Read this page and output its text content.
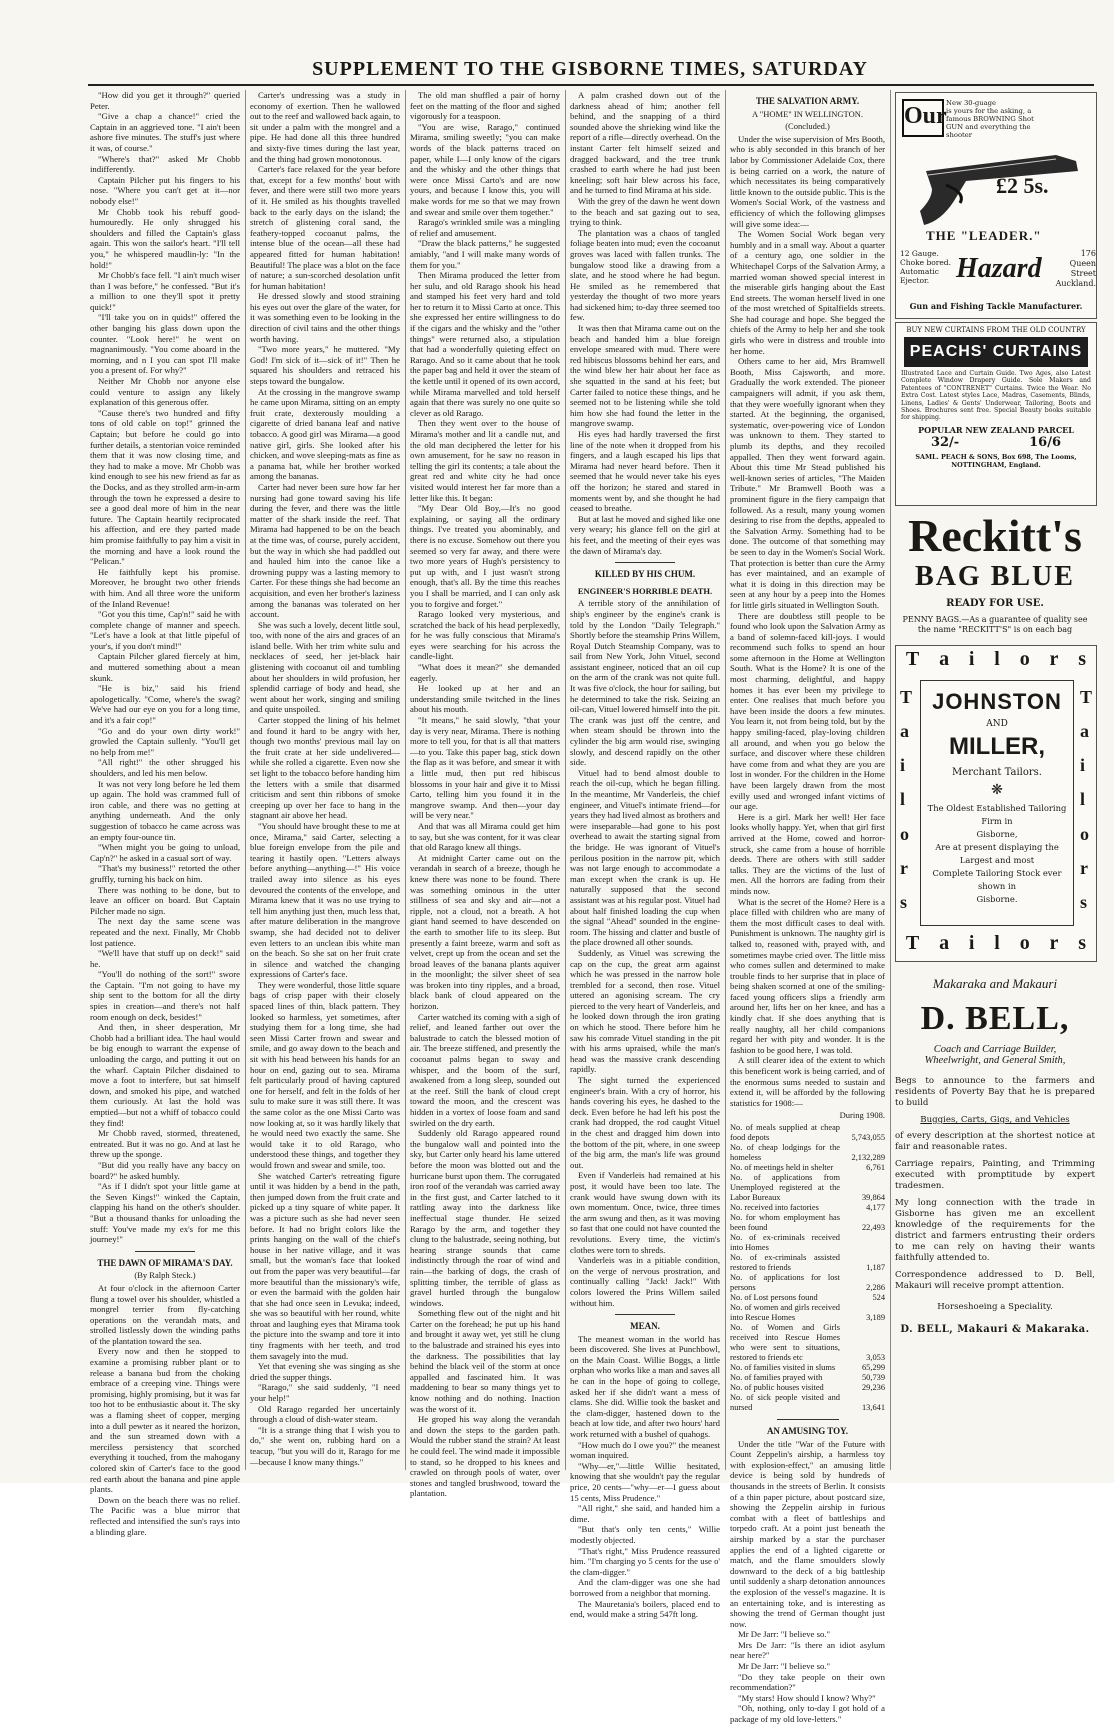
SUPPLEMENT TO THE GISBORNE TIMES, SATURDAY

"How did you get it through?" queried Peter.

"Give a chap a chance!" cried the Captain in an aggrieved tone. "I ain't been ashore five minutes. The stuff's just where it was, of course."

"Where's that?" asked Mr Chobb indifferently.

Captain Pilcher put his fingers to his nose. "Where you can't get at it—nor nobody else!"

Mr Chobb took his rebuff good-humouredly. He only shrugged his shoulders and filled the Captain's glass again. This won the sailor's heart. "I'll tell you," he whispered maudlin-ly: "In the hold!"

Mr Chobb's face fell. "I ain't much wiser than I was before," he confessed. "But it's a million to one they'll spot it pretty quick!"

"I'll take you on in quids!" offered the other banging his glass down upon the counter. "Look here!" he went on magnanimously. "You come aboard in the morning, and n I you can spot I'll make you a present of. For why?"

Neither Mr Chobb nor anyone else could venture to assign any likely explanation of this generous offer.

"Cause there's two hundred and fifty tons of old cable on top!" grinned the Captain; but before he could go into further details, a stentorian voice reminded them that it was now closing time, and they had to make a move. Mr Chobb was kind enough to see his new friend as far as the Docks, and as they strolled arm-in-arm through the town he expressed a desire to see a good deal more of him in the near future. The Captain heartily reciprocated his affection, and ere they parted made him promise faithfully to pay him a visit in the morning and have a look round the "Pelican."

He faithfully kept his promise. Moreover, he brought two other friends with him. And all three wore the uniform of the Inland Revenue!

"Got you this time, Cap'n!" said he with complete change of manner and speech. "Let's have a look at that little pipeful of your's, if you don't mind!"

Captain Pilcher glared fiercely at him, and muttered something about a mean skunk.

"He is biz," said his friend apologetically. "Come, where's the swag? We've had our eye on you for a long time, and it's a fair cop!"

"Go and do your own dirty work!" growled the Captain sullenly. "You'll get no help from me!"

"All right!" the other shrugged his shoulders, and led his men below.

It was not very long before he led them up again. The hold was crammed full of iron cable, and there was no getting at anything underneath. And the only suggestion of tobacco he came across was an empty four-ounce tin.

"When might you be going to unload, Cap'n?" he asked in a casual sort of way.

"That's my business!" retorted the other gruffly, turning his back on him.

There was nothing to be done, but to leave an officer on board. But Captain Pilcher made no sign.

The next day the same scene was repeated and the next. Finally, Mr Chobb lost patience.

"We'll have that stuff up on deck!" said he.

"You'll do nothing of the sort!" swore the Captain. "I'm not going to have my ship sent to the bottom for all the dirty spies in creation—and there's not half room enough on deck, besides!"

And then, in sheer desperation, Mr Chobb had a brilliant idea. The haul would be big enough to warrant the expense of unloading the cargo, and putting it out on the wharf. Captain Pilcher disdained to move a foot to interfere, but sat himself down, and smoked his pipe, and watched them curiously. At last the hold was emptied—but not a whiff of tobacco could they find!

Mr Chobb raved, stormed, threatened, entreated. But it was no go. And at last he threw up the sponge.

"But did you really have any baccy on board?" he asked humbly.

"As if I didn't spot your little game at the Seven Kings!" winked the Captain, clapping his hand on the other's shoulder. "But a thousand thanks for unloading the stuff: You've made my ex's for me this journey!"

THE DAWN OF MIRAMA'S DAY.
(By Ralph Steck.)

At four o'clock in the afternoon Carter flung a towel over his shoulder, whistled a mongrel terrier from fly-catching operations on the verandah mats, and strolled listlessly down the winding paths of the plantation toward the sea.

Every now and then he stopped to examine a promising rubber plant or to release a banana bud from the choking embrace of a creeping vine. Things were promising, highly promising, but it was far too hot to be enthusiastic about it. The sky was a flaming sheet of copper, merging into a dull pewter as it neared the horizon, and the sun streamed down with a merciless persistency that scorched everything it touched, from the mahogany colored skin of Carter's face to the good red earth about the banana and pine apple plants.

Down on the beach there was no relief. The Pacific was a blue mirror that reflected and intensified the sun's rays into a blinding glare.

Carter's undressing was a study in economy of exertion. Then he wallowed out to the reef and wallowed back again, to sit under a palm with the mongrel and a pipe. He had done all this three hundred and sixty-five times during the last year, and the thing had grown monotonous.

Carter's face relaxed for the year before that, except for a few months' bout with fever, and there were still two more years of it. He smiled as his thoughts travelled back to the early days on the island; the stretch of glistening coral sand, the feathery-topped cocoanut palms, the intense blue of the ocean—all these had appeared fitted for human habitation! Beautiful! The place was a blot on the face of nature; a sun-scorched desolation unfit for human habitation!

He dressed slowly and stood straining his eyes out over the glare of the water, for it was something even to be looking in the direction of civil tains and the other things worth having.

"Two more years," he muttered. "My God! I'm sick of it—sick of it!" Then he squared his shoulders and retraced his steps toward the bungalow.

At the crossing in the mangrove swamp he came upon Mirama, sitting on an empty fruit crate, dexterously moulding a cigarette of dried banana leaf and native tobacco. A good girl was Mirama—a good native girl, girls. She looked after his chicken, and wove sleeping-mats as fine as a panama hat, while her brother worked among the bananas.

Carter had never been sure how far her nursing had gone toward saving his life during the fever, and there was the little matter of the shark inside the reef. That Mirama had happened to be on the beach at the time was, of course, purely accident, but the way in which she had paddled out and hauled him into the canoe like a drowning puppy was a lasting memory to Carter. For these things she had become an acquisition, and even her brother's laziness among the bananas was tolerated on her account.

She was such a lovely, decent little soul, too, with none of the airs and graces of an island belle. With her trim white sulu and necklaces of seed, her jet-black hair glistening with cocoanut oil and tumbling about her shoulders in wild profusion, her splendid carriage of body and head, she went about her work, singing and smiling and quite unspoiled.

Carter stopped the lining of his helmet and found it hard to be angry with her, though two months' previous mail lay on the fruit crate at her side undelivered—while she rolled a cigarette. Even now she set light to the tobacco before handing him the letters with a smile that disarmed criticism and sent thin ribbons of smoke creeping up over her face to hang in the stagnant air above her head.

"You should have brought these to me at once, Mirama," said Carter, selecting a blue foreign envelope from the pile and tearing it hastily open. "Letters always before anything—anything—!" His voice trailed away into silence as his eyes devoured the contents of the envelope, and Mirama knew that it was no use trying to tell him anything just then, much less that, after mature deliberation in the mangrove swamp, she had decided not to deliver even letters to an unclean ibis white man on the beach. So she sat on her fruit crate in silence and watched the changing expressions of Carter's face.

They were wonderful, those little square bags of crisp paper with their closely spaced lines of thin, black pattern. They looked so harmless, yet sometimes, after studying them for a long time, she had seen Missi Carter frown and swear and smile, and go away down to the beach and sit with his head between his hands for an hour on end, gazing out to sea. Mirama felt particularly proud of having captured one for herself, and felt in the folds of her sulu to make sure it was still there. It was the same color as the one Missi Carto was now looking at, so it was hardly likely that he would need two exactly the same. She would take it to old Rarago, who understood these things, and together they would frown and swear and smile, too.

She watched Carter's retreating figure until it was hidden by a bend in the path, then jumped down from the fruit crate and picked up a tiny square of white paper. It was a picture such as she had never seen before. It had no bright colors like the prints hanging on the wall of the chief's house in her native village, and it was small, but the woman's face that looked out from the paper was very beautiful—far more beautiful than the missionary's wife, or even the barmaid with the golden hair that she had once seen in Levuka; indeed, she was so beautiful with her round, white throat and laughing eyes that Mirama took the picture into the swamp and tore it into tiny fragments with her teeth, and trod them savagely into the mud.

Yet that evening she was singing as she dried the supper things.

"Rarago," she said suddenly, "I need your help!"

Old Rarago regarded her uncertainly through a cloud of dish-water steam.

"It is a strange thing that I wish you to do," she went on, rubbing hard on a teacup, "but you will do it, Rarago for me—because I know many things."

The old man shuffled a pair of horny feet on the matting of the floor and sighed vigorously for a teaspoon.

"You are wise, Rarago," continued Mirama, smiling sweetly; "you can make words of the black patterns traced on paper, while I—I only know of the cigars and the whisky and the other things that were once Missi Carto's and are now yours, and because I know this, you will make words for me so that we may frown and swear and smile over them together."

Rarago's wrinkled smile was a mingling of relief and amusement.

"Draw the black patterns," he suggested amiably, "and I will make many words of them for you."

Then Mirama produced the letter from her sulu, and old Rarago shook his head and stamped his feet very hard and told her to return it to Missi Carto at once. This she expressed her entire willingness to do if the cigars and the whisky and the "other things" were returned also, a stipulation that had a wonderfully quieting effect on Rarago. And so it came about that he took the paper bag and held it over the steam of the kettle until it opened of its own accord, while Mirama marvelled and told herself again that there was surely no one quite so clever as old Rarago.

Then they went over to the house of Mirama's mother and lit a candle nut, and the old man deciphered the letter for his own amusement, for he saw no reason in telling the girl its contents; a tale about the great red and white city he had once visited would interest her far more than a letter like this. It began:

"My Dear Old Boy,—It's no good explaining, or saying all the ordinary things. I've treated you abominably, and there is no excuse. Somehow out there you seemed so very far away, and there were two more years of Hugh's persistency to put up with, and I just wasn't strong enough, that's all. By the time this reaches you I shall be married, and I can only ask you to forgive and forget."

Rarago looked very mysterious, and scratched the back of his head perplexedly, for he was fully conscious that Mirama's eyes were searching for his across the candle-light.

"What does it mean?" she demanded eagerly.

He looked up at her and an understanding smile twitched in the lines about his mouth.

"It means," he said slowly, "that your day is very near, Mirama. There is nothing more to tell you, for that is all that matters—to you. Take this paper bag, stick down the flap as it was before, and smear it with a little mud, then put red hibiscus blossoms in your hair and give it to Missi Carto, telling him you found it in the mangrove swamp. And then—your day will be very near."

And that was all Mirama could get him to say, but she was content, for it was clear that old Rarago knew all things.

At midnight Carter came out on the verandah in search of a breeze, though he knew there was none to be found. There was something ominous in the utter stillness of sea and sky and air—not a ripple, not a cloud, not a breath. A hot giant hand seemed to have descended on the earth to smother life to its sleep. But presently a faint breeze, warm and soft as velvet, crept up from the ocean and set the broad leaves of the banana plants aquiver in the moonlight; the silver sheet of sea was broken into tiny ripples, and a broad, black bank of cloud appeared on the horizon.

Carter watched its coming with a sigh of relief, and leaned farther out over the balustrade to catch the blessed motion of air. The breeze stiffened, and presently the cocoanut palms began to sway and whisper, and the boom of the surf, awakened from a long sleep, sounded out at the reef. Still the bank of cloud crept toward the moon, and the crescent was hidden in a vortex of loose foam and sand swirled on the dry earth.

Suddenly old Rarago appeared round the bungalow wall and pointed into the sky, but Carter only heard his lame uttered before the moon was blotted out and the hurricane burst upon them. The corrugated iron roof of the verandah was carried away in the first gust, and Carter latched to it rattling away into the darkness like ineffectual stage thunder. He seized Rarago by the arm, and together they clung to the balustrade, seeing nothing, but hearing strange sounds that came indistinctly through the roar of wind and rain—the barking of dogs, the crash of splitting timber, the terrible of glass as gravel hurtled through the bungalow windows.

Something flew out of the night and hit Carter on the forehead; he put up his hand and brought it away wet, yet still he clung to the balustrade and strained his eyes into the darkness. The possibilities that lay behind the black veil of the storm at once appalled and fascinated him. It was maddening to bear so many things yet to know nothing and do nothing. Inaction was the worst of it.

He groped his way along the verandah and down the steps to the garden path. Would the rubber stand the strain? At least he could feel. The wind made it impossible to stand, so he dropped to his knees and crawled on through pools of water, over stones and tangled brushwood, toward the plantation.

A palm crashed down out of the darkness ahead of him; another fell behind, and the snapping of a third sounded above the shrieking wind like the report of a rifle—directly overhead. On the instant Carter felt himself seized and dragged backward, and the tree trunk crashed to earth where he had just been kneeling; soft hair blew across his face, and he turned to find Mirama at his side.

With the grey of the dawn he went down to the beach and sat gazing out to sea, trying to think.

The plantation was a chaos of tangled foliage beaten into mud; even the cocoanut groves was laced with fallen trunks. The bungalow stood like a drawing from a slate, and he stood where he had begun. He smiled as he remembered that yesterday the thought of two more years had sickened him; to-day three seemed too few.

It was then that Mirama came out on the beach and handed him a blue foreign envelope smeared with mud. There were red hibiscus blossoms behind her ears, and the wind blew her hair about her face as she squatted in the sand at his feet; but Carter failed to notice these things, and he seemed not to be listening while she told him how she had found the letter in the mangrove swamp.

His eyes had hardly traversed the first line of the note when it dropped from his fingers, and a laugh escaped his lips that Mirama had never heard before. Then it seemed that he would never take his eyes off the horizon; he stared and stared in moments went by, and she thought he had ceased to breathe.

But at last he moved and sighed like one very weary; his glance fell on the girl at his feet, and the meeting of their eyes was the dawn of Mirama's day.

KILLED BY HIS CHUM.
ENGINEER'S HORRIBLE DEATH.

A terrible story of the annihilation of ship's engineer by the engine's crank is told by the London "Daily Telegraph." Shortly before the steamship Prins Willem, Royal Dutch Steamship Company, was to sail from New York, John Vituel, second assistant engineer, noticed that an oil cup on the arm of the crank was not quite full. It was five o'clock, the hour for sailing, but he determined to take the risk. Seizing an oil-can, Vituel lowered himself into the pit. The crank was just off the centre, and when steam should be thrown into the cylinder the big arm would rise, swinging slowly, and descend rapidly on the other side.

Vituel had to bend almost double to reach the oil-cup, which he began filling. In the meantime, Mr Vanderleis, the chief engineer, and Vituel's intimate friend—for years they had lived almost as brothers and were inseparable—had gone to his post overhead to await the starting signal from the bridge. He was ignorant of Vituel's perilous position in the narrow pit, which was not large enough to accommodate a man except when the crank is up. He naturally supposed that the second assistant was at his regular post. Vituel had about half finished loading the cup when the signal "Ahead" sounded in the engine-room. The hissing and clatter and bustle of the place drowned all other sounds.

Suddenly, as Vituel was screwing the cap on the cup, the great arm against which he was pressed in the narrow hole trembled for a second, then rose. Vituel uttered an agonising scream. The cry pierced to the very heart of Vanderleis, and he looked down through the iron grating on which he stood. There before him he saw his comrade Vituel standing in the pit with his arms upraised, while the man's head was the massive crank descending rapidly.

The sight turned the experienced engineer's brain. With a cry of horror, his hands covering his eyes, he dashed to the deck. Even before he had left his post the crank had dropped, the rod caught Vituel in the chest and dragged him down into the bottom of the pit, where, in one sweep of the big arm, the man's life was ground out.

Even if Vanderleis had remained at his post, it would have been too late. The crank would have swung down with its own momentum. Once, twice, three times the arm swung and then, as it was moving so fast that one could not have counted the revolutions. Every time, the victim's clothes were torn to shreds.

Vanderleis was in a pitiable condition, on the verge of nervous prostration, and continually calling "Jack! Jack!" With colors lowered the Prins Willem sailed without him.

MEAN.

The meanest woman in the world has been discovered. She lives at Punchbowl, on the Main Coast. Willie Boggs, a little orphan who works like a man and saves all he can in the hope of going to college, asked her if she didn't want a mess of clams. She did. Willie took the basket and the clam-digger, hastened down to the beach at low tide, and after two hours' hard work returned with a bushel of quahogs.

"How much do I owe you?" the meanest woman inquired.

"Why—er,"—little Willie hesitated, knowing that she wouldn't pay the regular price, 20 cents—"why—er—I guess about 15 cents, Miss Prudence."

"All right," she said, and handed him a dime.

"But that's only ten cents," Willie modestly objected.

"That's right," Miss Prudence reassured him. "I'm charging yo 5 cents for the use o' the clam-digger."

And the clam-digger was one she had borrowed from a neighbor that morning.

The Mauretania's boilers, placed end to end, would make a string 547ft long.

THE SALVATION ARMY.
A "HOME" IN WELLINGTON.
(Concluded.)

Under the wise supervision of Mrs Booth, who is ably seconded in this branch of her labor by Commissioner Adelaide Cox, there is being carried on a work, the nature of which necessitates its being comparatively little known to the outside public. This is the Women's Social Work, of the vastness and efficiency of which the following glimpses will give some idea:—

The Women Social Work began very humbly and in a small way. About a quarter of a century ago, one soldier in the Whitechapel Corps of the Salvation Army, a married woman showed special interest in the miserable girls hanging about the East End streets. The woman herself lived in one of the most wretched of Spitalfields streets. She had courage and hope. She begged the chiefs of the Army to help her and she took girls who were in distress and trouble into her home.

Others came to her aid, Mrs Bramwell Booth, Miss Cajsworth, and more. Gradually the work extended. The pioneer campaigners will admit, if you ask them, that they were woefully ignorant when they started. At the beginning, the organised, systematic, over-powering vice of London was unknown to them. They started to plumb its depths, and they recoiled appalled. Then they went forward again. About this time Mr Stead published his well-known series of articles, "The Maiden Tribute." Mr Bramwell Booth was a prominent figure in the fiery campaign that followed. As a result, many young women desiring to rise from the depths, appealed to the Salvation Army. Something had to be done. The outcome of that something may be seen to day in the Women's Social Work. That protection is better than cure the Army has ever maintained, and an example of what it is doing in this direction may be seen at any hour by a peep into the Homes for little girls situated in Wellington South.

There are doubtless still people to be found who look upon the Salvation Army as a band of solemn-faced kill-joys. I would recommend such folks to spend an hour some afternoon in the Home at Wellington South. What is the Home? It is one of the most charming, delightful, and happy homes it has ever been my privilege to enter. One realises that much before you have been inside the doors a few minutes. You learn it, not from being told, but by the happy smiling-faced, play-loving children all around, and when you go below the surface, and discover where these children have come from and what they are you are lost in wonder. For the children in the Home have been largely drawn from the most evilly used and wronged infant victims of our age.

Here is a girl. Mark her well! Her face looks wholly happy. Yet, when that girl first arrived at the Home, cowed and horror-struck, she came from a house of horrible deeds. There are others with still sadder talks. They are the victims of the lust of men. All the horrors are fading from their minds now.

What is the secret of the Home? Here is a place filled with children who are many of them the most difficult cases to deal with. Punishment is unknown. The naughty girl is talked to, reasoned with, prayed with, and sometimes maybe cried over. The little miss who comes sullen and determined to make trouble finds to her surprise that in place of being shaken scorned at one of the smiling-faced young officers slips a friendly arm around her, lifts her on her knee, and has a kindly chat. If she does anything that is really naughty, all her child companions regard her with pity and wonder. It is the fashion to be good here, I was told.

A still clearer idea of the extent to which this beneficent work is being carried, and of the enormous sums needed to sustain and extend it, will be afforded by the following statistics for 1908:—

During 1908.
No. of meals supplied at cheap food depots	5,743,055
No. of cheap lodgings for the homeless	2,132,289
No. of meetings held in shelter	6,761
No. of applications from Unemployed registered at the Labor Bureaux	39,864
No. received into factories	4,177
No. for whom employment has been found	22,493
No. of ex-criminals received into Homes
No. of ex-criminals assisted restored to friends	1,187
No. of applications for lost persons	2,286
No. of Lost persons found	524
No. of women and girls received into Rescue Homes	3,189
No. of Women and Girls received into Rescue Homes who were sent to situations, restored to friends etc	3,053
No. of families visited in slums	65,299
No. of families prayed with	50,739
No. of public houses visited	29,236
No. of sick people visited and nursed	13,641
AN AMUSING TOY.

Under the title "War of the Future with Count Zeppelin's airship, a harmless toy with explosion-effect," an amusing little device is being sold by hundreds of thousands in the streets of Berlin. It consists of a thin paper picture, about postcard size, showing the Zeppelin airship in furious combat with a fleet of battleships and torpedo craft. At a point just beneath the airship marked by a star the purchaser applies the end of a lighted cigarette or match, and the flame smoulders slowly downward to the deck of a big battleship until suddenly a sharp detonation announces the explosion of the vessel's magazine. It is an entertaining toke, and is interesting as showing the trend of German thought just now.

Mr De Jarr: "I believe so."

Mrs De Jarr: "Is there an idiot asylum near here?"

Mr De Jarr: "I believe so."

"Do they take people on their own recommendation?"

"My stars! How should I know? Why?"

"Oh, nothing, only to-day I got hold of a package of my old love-letters."

Our New 30-guage
is yours for the asking, a famous BROWNING Shot
GUN and everything the shooter
£2 5s.
THE "LEADER."
12 Gauge.
Choke bored.
Automatic
Ejector. Hazard	176
Queen Street
Auckland.
Gun and Fishing Tackle Manufacturer.
BUY NEW CURTAINS FROM THE OLD COUNTRY
PEACHS' CURTAINS
Illustrated Lace and Curtain Guide. Two Ages, also Latest Complete Window Drapery Guide. Sole Makers and Patentees of "CONTRENET" Curtains. Twice the Wear. No Extra Cost. Latest styles Lace, Madras, Casements, Blinds, Linens, Ladies' & Gents' Underwear, Tailoring, Boots and Shoes. Brochures sent free. Special Beauty books suitable for shipping.
POPULAR NEW ZEALAND PARCEL
32/-	16/6
SAML. PEACH & SONS, Box 698, The Looms, NOTTINGHAM, England.
Reckitt's
BAG BLUE
READY FOR USE.
PENNY BAGS.—As a guarantee of quality see the name "RECKITT'S" is on each bag
T a i l o r s
T a i l o r s
T
a
i
l
o
r
s
T
a
i
l
o
r
s
JOHNSTON
AND
MILLER,
Merchant Tailors.
❋
The Oldest Established Tailoring Firm in
Gisborne,
Are at present displaying the Largest and most
Complete Tailoring Stock ever shown in
Gisborne.
Makaraka and Makauri
D. BELL,
Coach and Carriage Builder,
Wheelwright, and General Smith,
Begs to announce to the farmers and residents of Poverty Bay that he is prepared to build
Buggies, Carts, Gigs, and Vehicles
of every description at the shortest notice at fair and reasonable rates.
Carriage repairs, Painting, and Trimming executed with promptitude by expert tradesmen.
My long connection with the trade in Gisborne has given me an excellent knowledge of the requirements for the district and farmers entrusting their orders to me can rely on having their wants faithfully attended to.
Correspondence addressed to D. Bell, Makauri will receive prompt attention.
Horseshoeing a Speciality.
D. BELL, Makauri & Makaraka.
